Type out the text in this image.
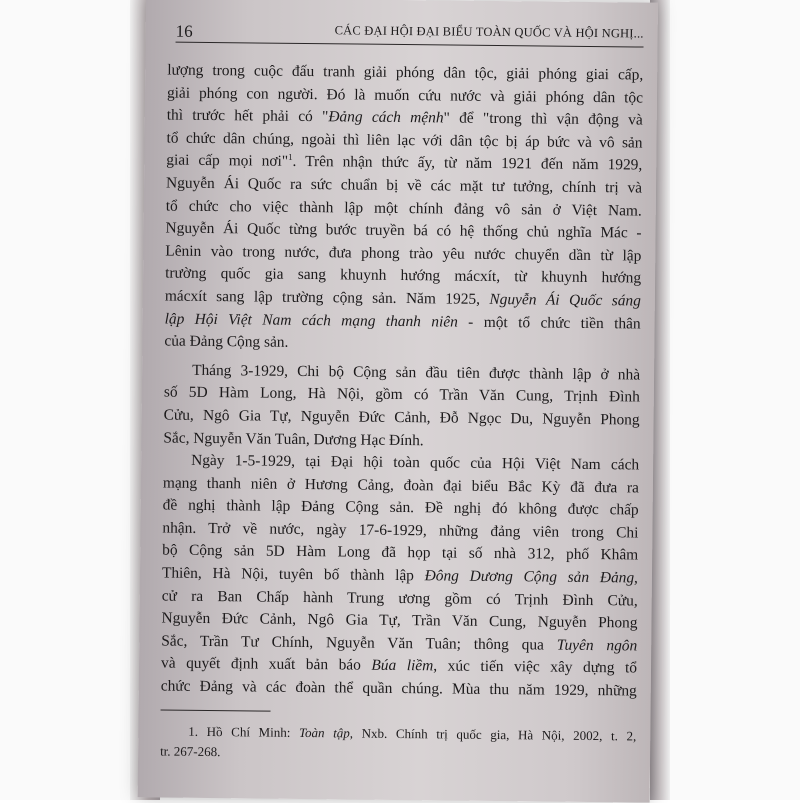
16	CÁC ĐẠI HỘI ĐẠI BIỂU TOÀN QUỐC VÀ HỘI NGHỊ...
lượng trong cuộc đấu tranh giải phóng dân tộc, giải phóng giai cấp,
giải phóng con người. Đó là muốn cứu nước và giải phóng dân tộc
thì trước hết phải có "Đảng cách mệnh" để "trong thì vận động và
tổ chức dân chúng, ngoài thì liên lạc với dân tộc bị áp bức và vô sản
giai cấp mọi nơi"$^1$. Trên nhận thức ấy, từ năm 1921 đến năm 1929,
Nguyễn Ái Quốc ra sức chuẩn bị về các mặt tư tưởng, chính trị và
tổ chức cho việc thành lập một chính đảng vô sản ở Việt Nam.
Nguyễn Ái Quốc từng bước truyền bá có hệ thống chủ nghĩa Mác -
Lênin vào trong nước, đưa phong trào yêu nước chuyển dần từ lập
trường quốc gia sang khuynh hướng mácxít, từ khuynh hướng
mácxít sang lập trường cộng sản. Năm 1925, Nguyễn Ái Quốc sáng
lập Hội Việt Nam cách mạng thanh niên - một tổ chức tiền thân
của Đảng Cộng sản.
Tháng 3-1929, Chi bộ Cộng sản đầu tiên được thành lập ở nhà
số 5D Hàm Long, Hà Nội, gồm có Trần Văn Cung, Trịnh Đình
Cửu, Ngô Gia Tự, Nguyễn Đức Cảnh, Đỗ Ngọc Du, Nguyễn Phong
Sắc, Nguyễn Văn Tuân, Dương Hạc Đính.
Ngày 1-5-1929, tại Đại hội toàn quốc của Hội Việt Nam cách
mạng thanh niên ở Hương Cảng, đoàn đại biểu Bắc Kỳ đã đưa ra
đề nghị thành lập Đảng Cộng sản. Đề nghị đó không được chấp
nhận. Trở về nước, ngày 17-6-1929, những đảng viên trong Chi
bộ Cộng sản 5D Hàm Long đã họp tại số nhà 312, phố Khâm
Thiên, Hà Nội, tuyên bố thành lập Đông Dương Cộng sản Đảng,
cử ra Ban Chấp hành Trung ương gồm có Trịnh Đình Cửu,
Nguyễn Đức Cảnh, Ngô Gia Tự, Trần Văn Cung, Nguyễn Phong
Sắc, Trần Tư Chính, Nguyễn Văn Tuân; thông qua Tuyên ngôn
và quyết định xuất bản báo Búa liềm, xúc tiến việc xây dựng tổ
chức Đảng và các đoàn thể quần chúng. Mùa thu năm 1929, những
1. Hồ Chí Minh: Toàn tập, Nxb. Chính trị quốc gia, Hà Nội, 2002, t. 2,
tr. 267-268.
